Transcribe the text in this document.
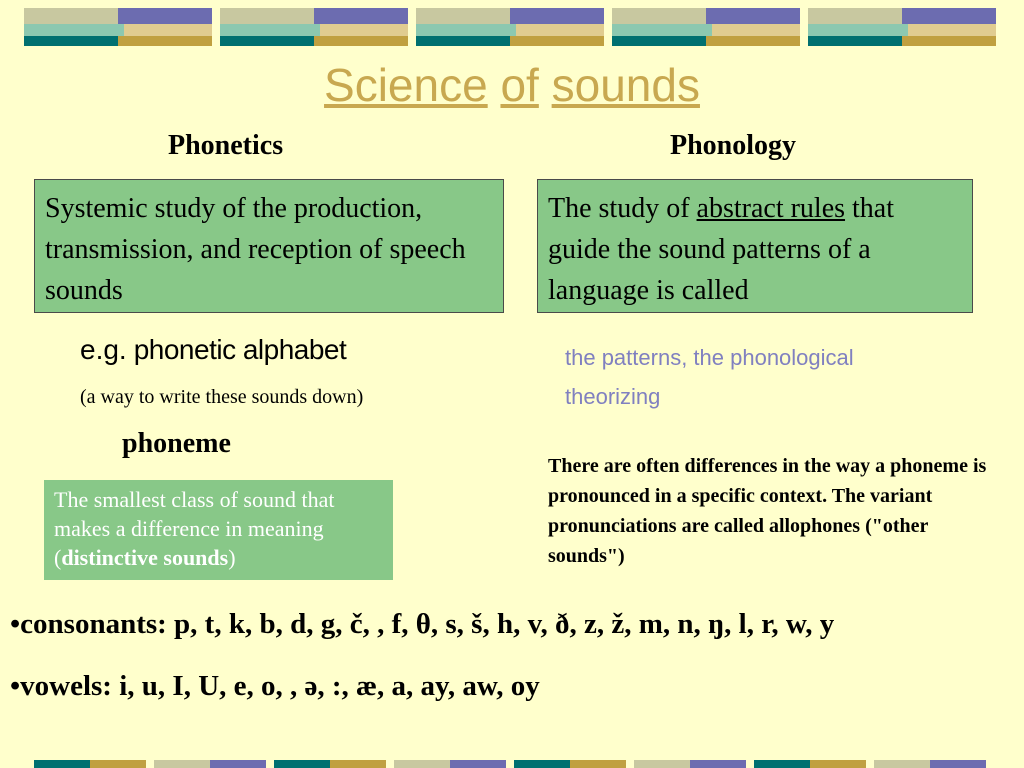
Science of sounds
Phonetics
Systemic study of the production, transmission, and reception of speech sounds
e.g. phonetic alphabet
(a way to write these sounds down)
Phonology
The study of abstract rules that guide the sound patterns of a language is called
the patterns, the phonological theorizing
phoneme
The smallest class of sound that makes a difference in meaning (distinctive sounds)
There are often differences in the way a phoneme is pronounced in a specific context. The variant pronunciations are called allophones ("other sounds")
•consonants: p, t, k, b, d, g, č, , f, θ, s, š, h, v, ð, z, ž, m, n, ŋ, l, r, w, y
•vowels: i, u, I, U, e, o, , ə, :, æ, a, ay, aw, oy
